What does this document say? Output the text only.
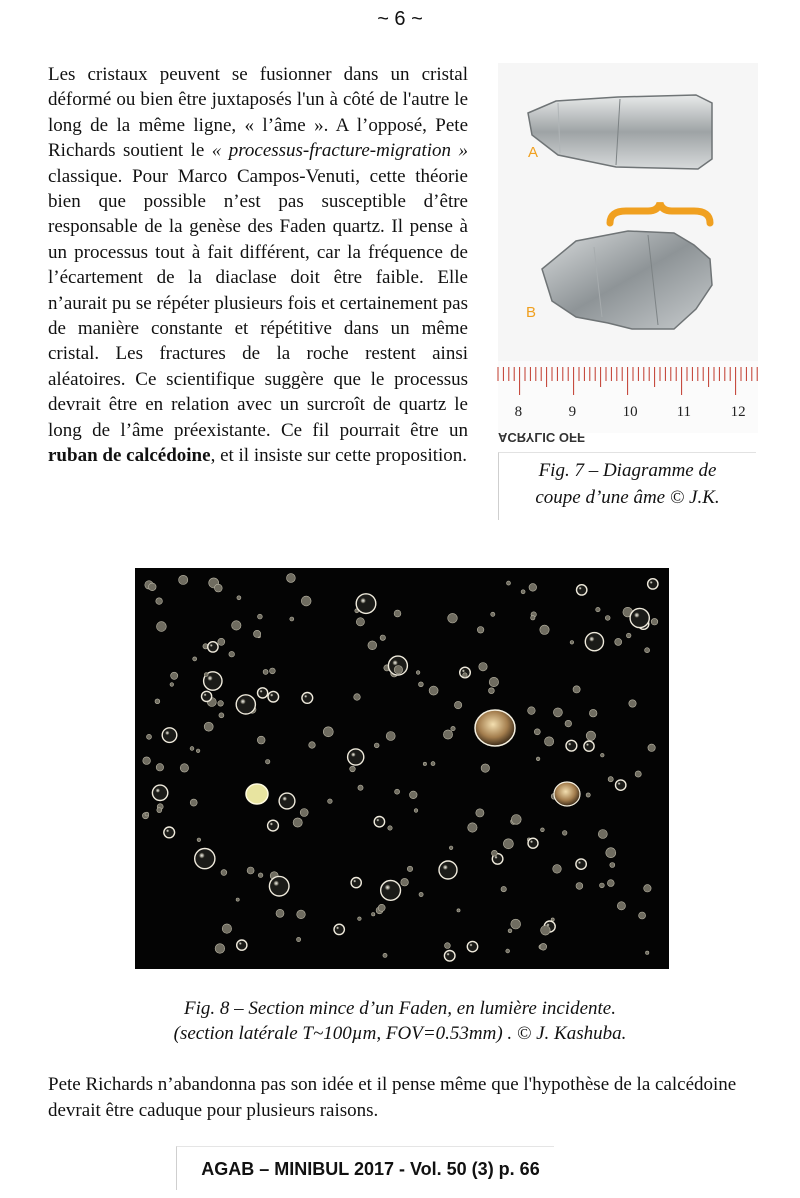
~ 6 ~

Les cristaux peuvent se fusionner dans un cristal déformé ou bien être juxtaposés l'un à côté de l'autre le long de la même ligne, « l’âme ». A l’opposé, Pete Richards soutient le « processus-fracture-migration » classique. Pour Marco Campos-Venuti, cette théorie bien que possible n’est pas susceptible d’être responsable de la genèse des Faden quartz. Il pense à un processus tout à fait différent, car la fréquence de l’écartement de la diaclase doit être faible. Elle n’aurait pu se répéter plusieurs fois et certainement pas de manière constante et répétitive dans un même cristal. Les fractures de la roche restent ainsi aléatoires. Ce scientifique suggère que le processus devrait être en relation avec un surcroît de quartz le long de l’âme préexistante. Ce fil pourrait être un ruban de calcédoine, et il insiste sur cette proposition.

A
B
8	9	10	11	12
ACRYLIC OFF
Fig. 7 – Diagramme de
coupe d’une âme © J.K.
Fig. 8 – Section mince d’un Faden, en lumière incidente.
(section latérale T~100µm, FOV=0.53mm) . © J. Kashuba.

Pete Richards n’abandonna pas son idée et il pense même que l'hypothèse de la calcédoine devrait être caduque pour plusieurs raisons.

AGAB – MINIBUL 2017 - Vol. 50 (3) p. 66
